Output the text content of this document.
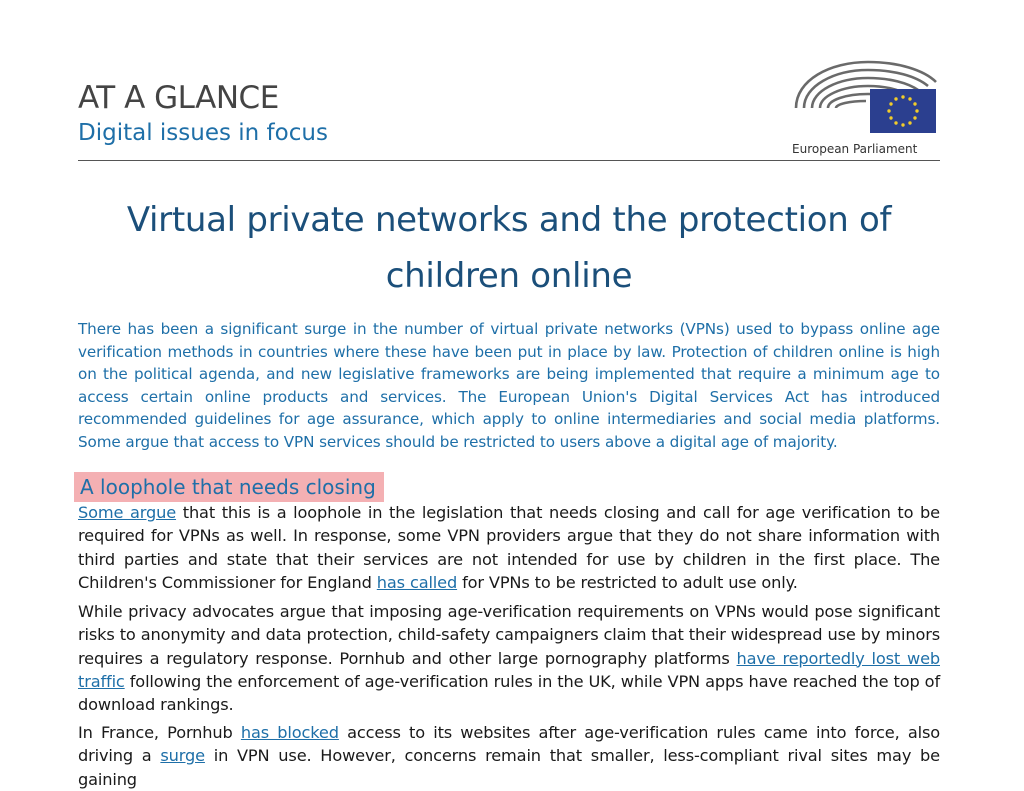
AT A GLANCE
Digital issues in focus
European Parliament
Virtual private networks and the protection of
children online
There has been a significant surge in the number of virtual private networks (VPNs) used to bypass online age verification methods in countries where these have been put in place by law. Protection of children online is high on the political agenda, and new legislative frameworks are being implemented that require a minimum age to access certain online products and services. The European Union's Digital Services Act has introduced recommended guidelines for age assurance, which apply to online intermediaries and social media platforms. Some argue that access to VPN services should be restricted to users above a digital age of majority.
A loophole that needs closing
Some argue that this is a loophole in the legislation that needs closing and call for age verification to be required for VPNs as well. In response, some VPN providers argue that they do not share information with third parties and state that their services are not intended for use by children in the first place. The Children's Commissioner for England has called for VPNs to be restricted to adult use only.
While privacy advocates argue that imposing age-verification requirements on VPNs would pose significant risks to anonymity and data protection, child-safety campaigners claim that their widespread use by minors requires a regulatory response. Pornhub and other large pornography platforms have reportedly lost web traffic following the enforcement of age-verification rules in the UK, while VPN apps have reached the top of download rankings.
In France, Pornhub has blocked access to its websites after age-verification rules came into force, also driving a surge in VPN use. However, concerns remain that smaller, less-compliant rival sites may be gaining
